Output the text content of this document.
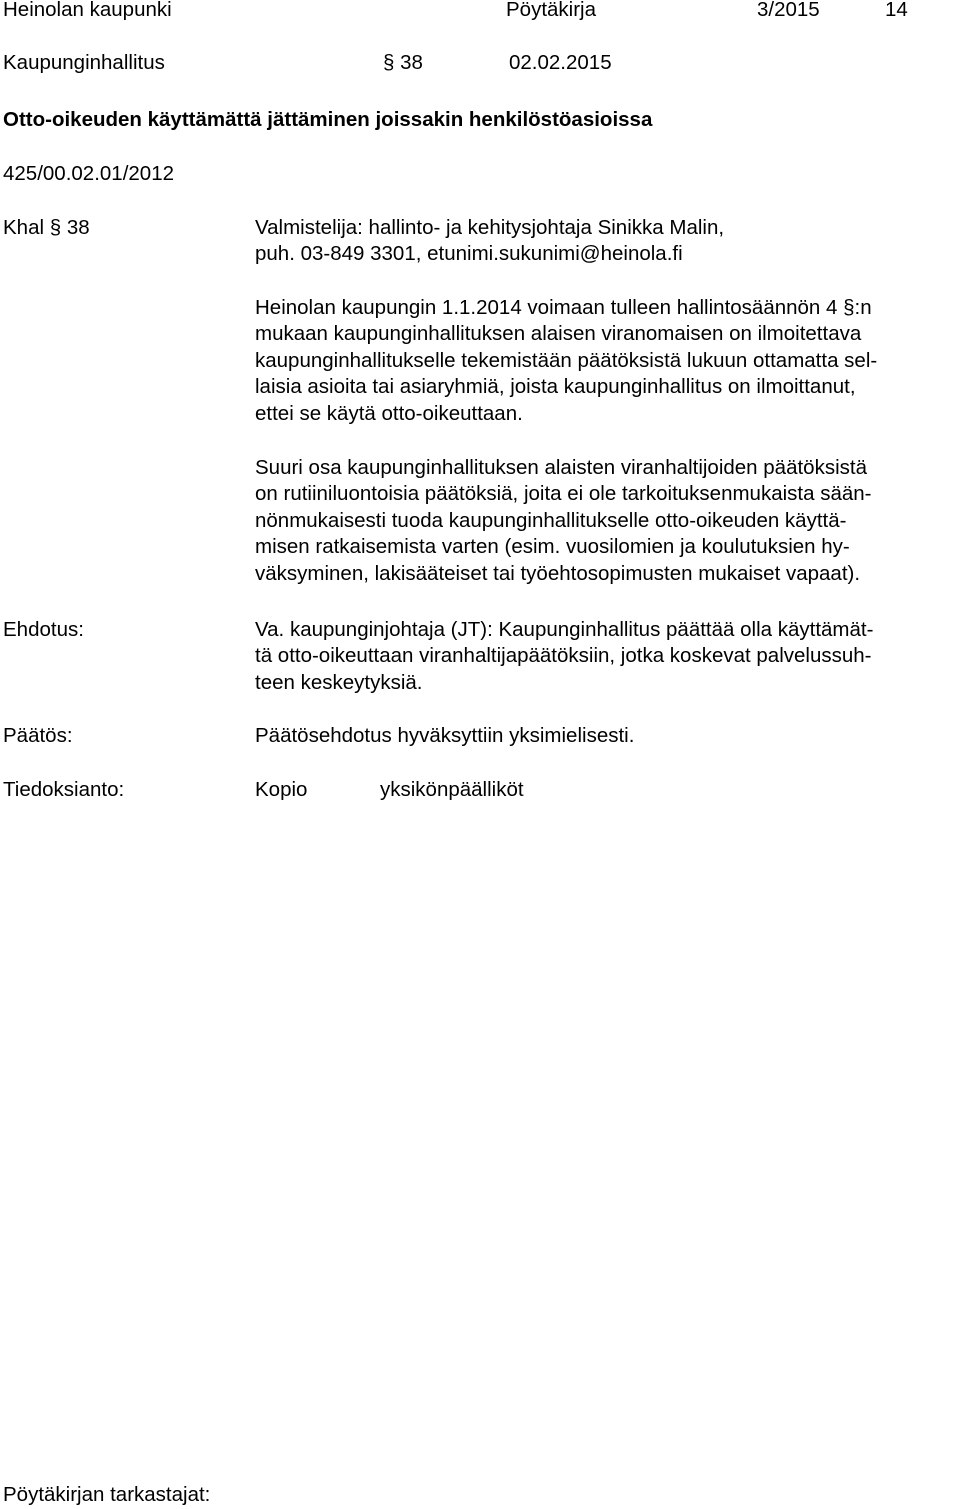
Heinolan kaupunki	Pöytäkirja	3/2015	14
Kaupunginhallitus	§ 38	02.02.2015
Otto-oikeuden käyttämättä jättäminen joissakin henkilöstöasioissa
425/00.02.01/2012
Khal § 38	Valmistelija: hallinto- ja kehitysjohtaja Sinikka Malin,
puh. 03-849 3301, etunimi.sukunimi@heinola.fi
Heinolan kaupungin 1.1.2014 voimaan tulleen hallintosäännön 4 §:n
mukaan kaupunginhallituksen alaisen viranomaisen on ilmoitettava
kaupunginhallitukselle tekemistään päätöksistä lukuun ottamatta sel-
laisia asioita tai asiaryhmiä, joista kaupunginhallitus on ilmoittanut,
ettei se käytä otto-oikeuttaan.
Suuri osa kaupunginhallituksen alaisten viranhaltijoiden päätöksistä
on rutiiniluontoisia päätöksiä, joita ei ole tarkoituksenmukaista sään-
nönmukaisesti tuoda kaupunginhallitukselle otto-oikeuden käyttä-
misen ratkaisemista varten (esim. vuosilomien ja koulutuksien hy-
väksyminen, lakisääteiset tai työehtosopimusten mukaiset vapaat).
Ehdotus:	Va. kaupunginjohtaja (JT): Kaupunginhallitus päättää olla käyttämät-
tä otto-oikeuttaan viranhaltijapäätöksiin, jotka koskevat palvelussuh-
teen keskeytyksiä.
Päätös:	Päätösehdotus hyväksyttiin yksimielisesti.
Tiedoksianto:	Kopio	yksikönpäälliköt
Pöytäkirjan tarkastajat:
